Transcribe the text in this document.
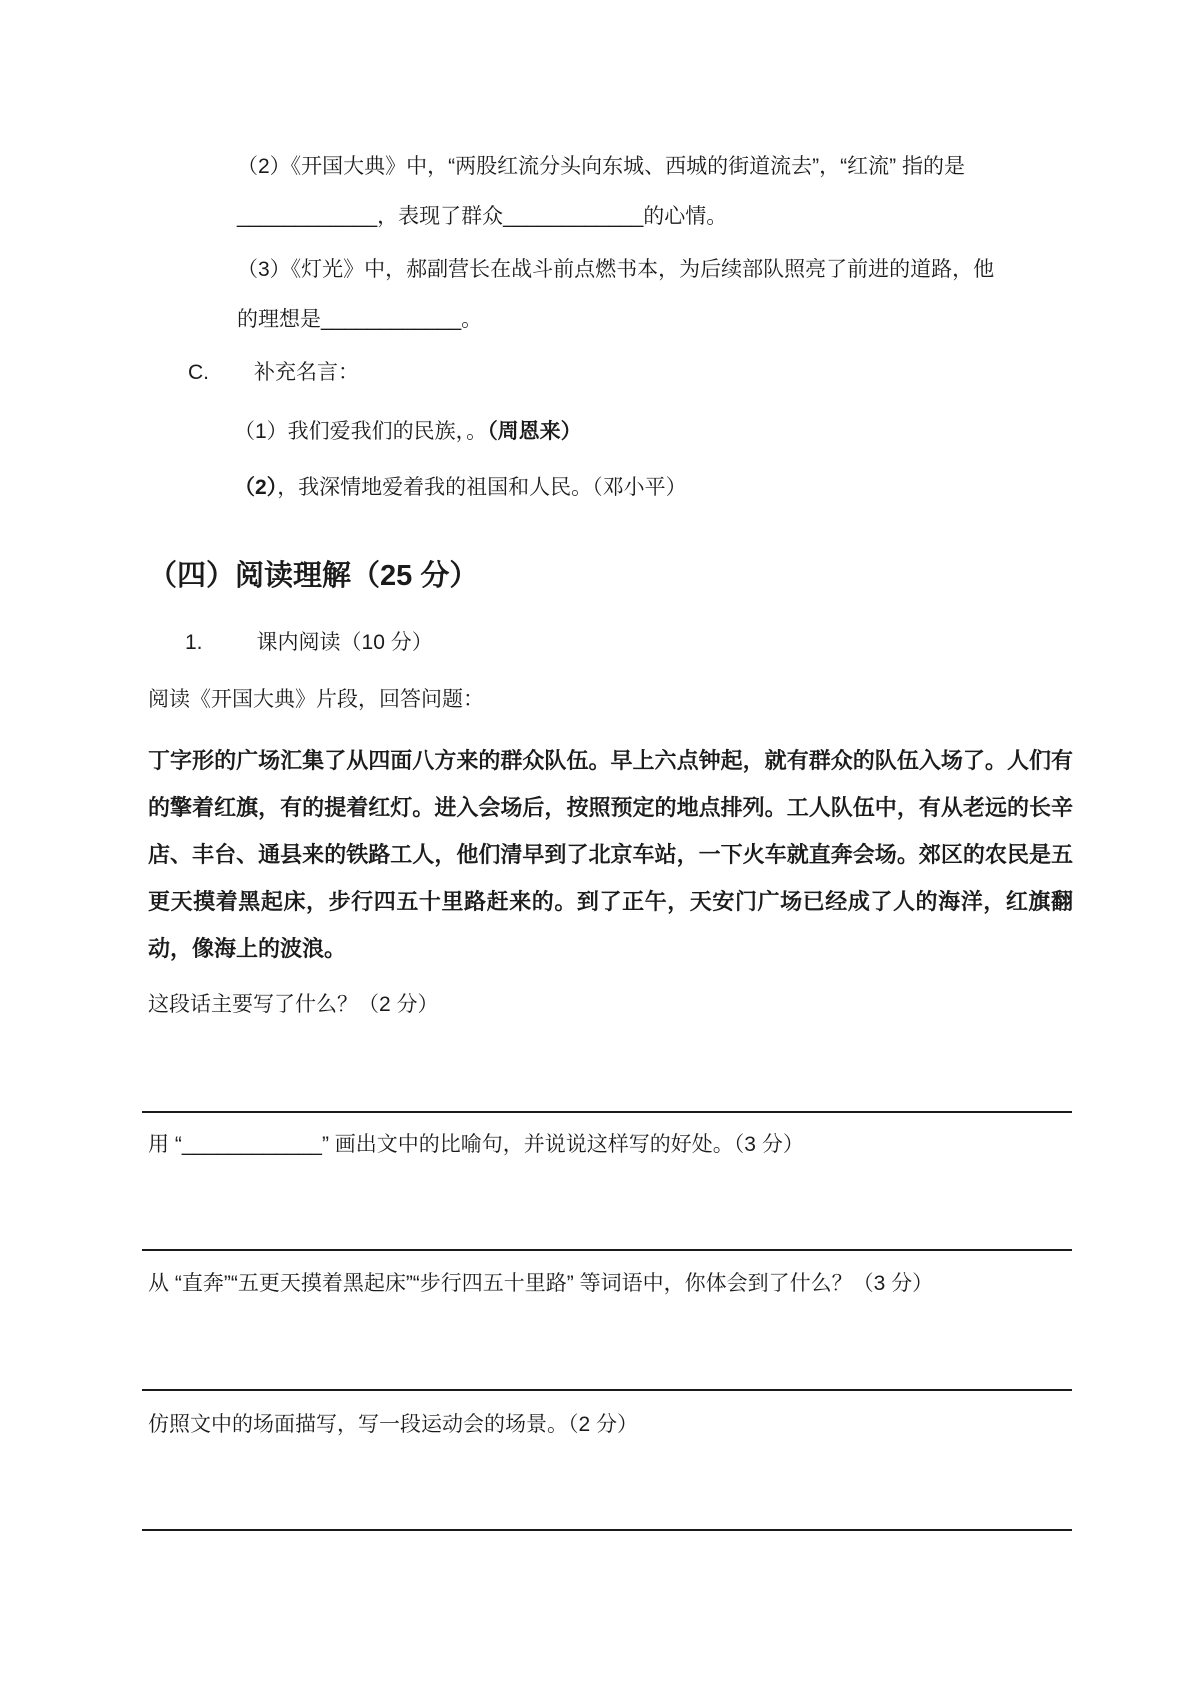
（2）《开国大典》中，“两股红流分头向东城、西城的街道流去”，“红流” 指的是
____________，表现了群众____________的心情。
（3）《灯光》中，郝副营长在战斗前点燃书本，为后续部队照亮了前进的道路，他
的理想是____________。
C. 补充名言：
（1）我们爱我们的民族，。（周恩来）
（2），我深情地爱着我的祖国和人民。（邓小平）
（四）阅读理解（25 分）
1.	课内阅读（10 分）
阅读《开国大典》片段，回答问题：
丁字形的广场汇集了从四面八方来的群众队伍。早上六点钟起，就有群众的队伍入场了。人们有的擎着红旗，有的提着红灯。进入会场后，按照预定的地点排列。工人队伍中，有从老远的长辛店、丰台、通县来的铁路工人，他们清早到了北京车站，一下火车就直奔会场。郊区的农民是五更天摸着黑起床，步行四五十里路赶来的。到了正午，天安门广场已经成了人的海洋，红旗翻动，像海上的波浪。
这段话主要写了什么？（2 分）
用 “____________” 画出文中的比喻句，并说说这样写的好处。（3 分）
从 “直奔”“五更天摸着黑起床”“步行四五十里路” 等词语中，你体会到了什么？（3 分）
仿照文中的场面描写，写一段运动会的场景。（2 分）
